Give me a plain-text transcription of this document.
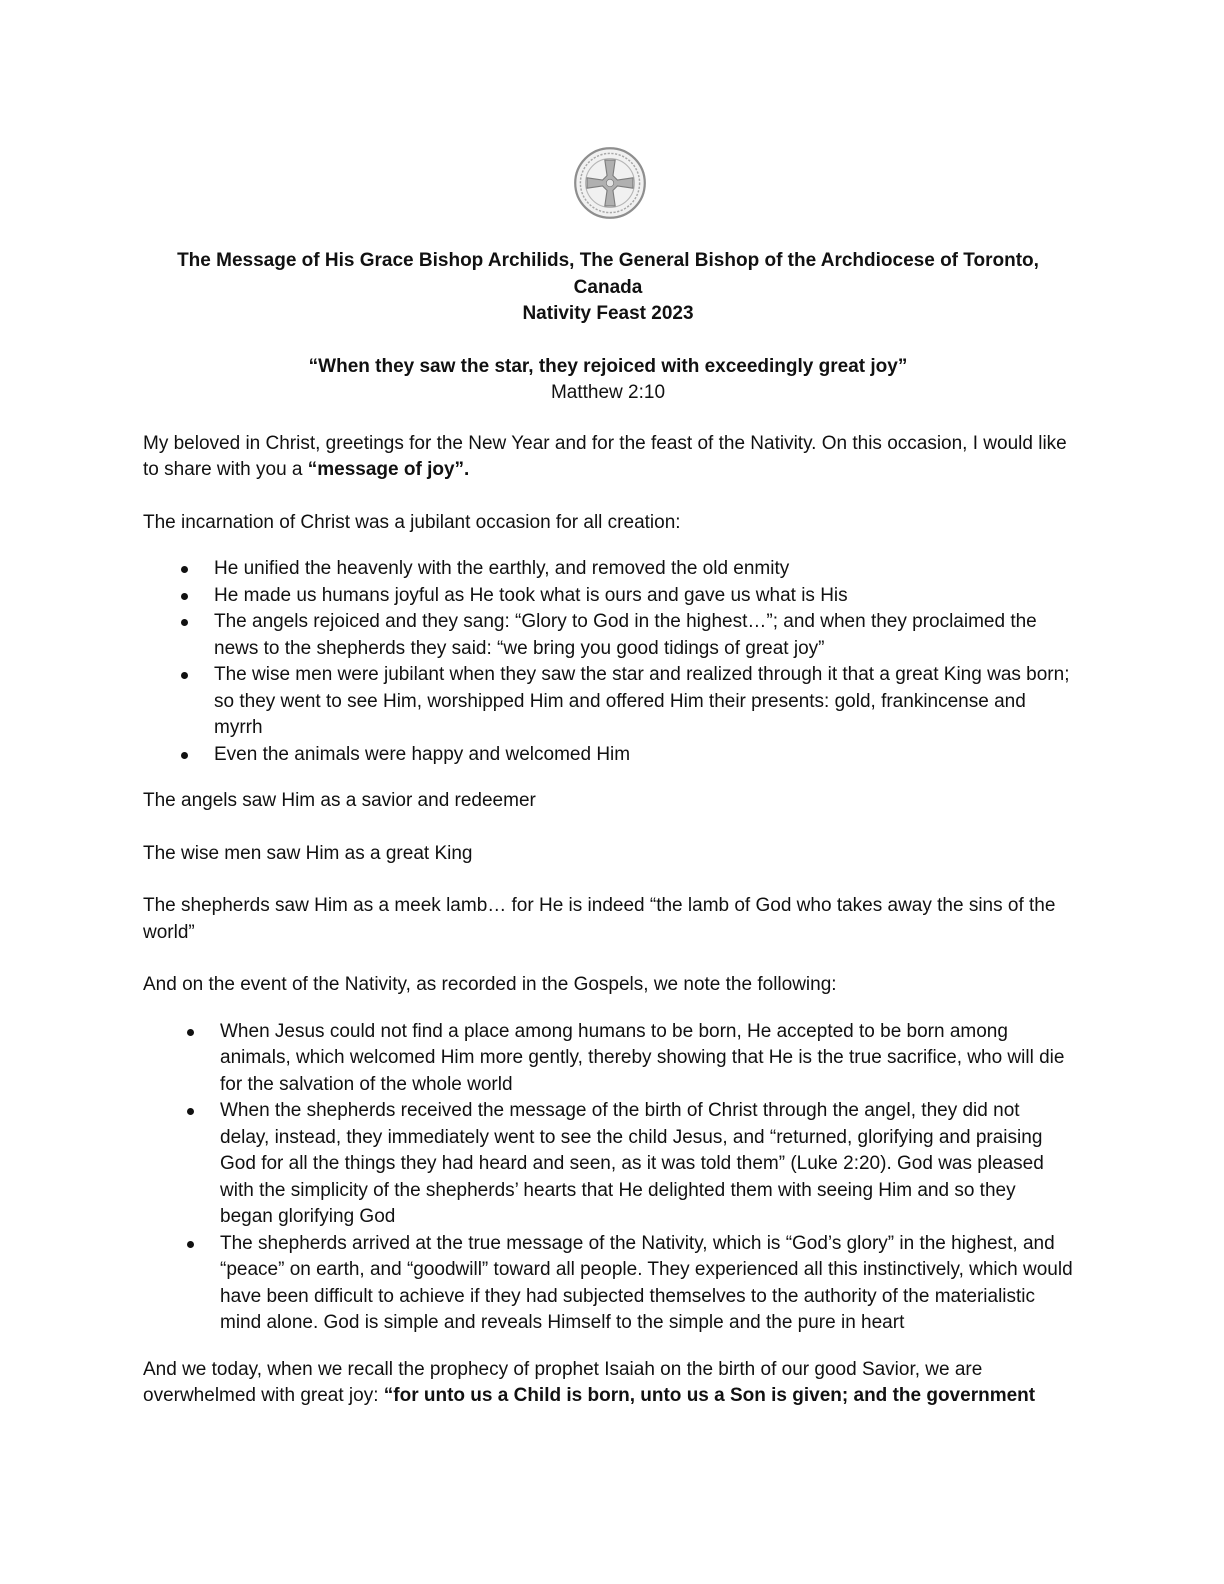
The Message of His Grace Bishop Archilids, The General Bishop of the Archdiocese of Toronto, Canada
Nativity Feast 2023
“When they saw the star, they rejoiced with exceedingly great joy”
Matthew 2:10

My beloved in Christ, greetings for the New Year and for the feast of the Nativity. On this occasion, I would like to share with you a “message of joy”.

The incarnation of Christ was a jubilant occasion for all creation:

He unified the heavenly with the earthly, and removed the old enmity
He made us humans joyful as He took what is ours and gave us what is His
The angels rejoiced and they sang: “Glory to God in the highest…”; and when they proclaimed the news to the shepherds they said: “we bring you good tidings of great joy”
The wise men were jubilant when they saw the star and realized through it that a great King was born; so they went to see Him, worshipped Him and offered Him their presents: gold, frankincense and myrrh
Even the animals were happy and welcomed Him

The angels saw Him as a savior and redeemer

The wise men saw Him as a great King

The shepherds saw Him as a meek lamb… for He is indeed “the lamb of God who takes away the sins of the world”

And on the event of the Nativity, as recorded in the Gospels, we note the following:

When Jesus could not find a place among humans to be born, He accepted to be born among animals, which welcomed Him more gently, thereby showing that He is the true sacrifice, who will die for the salvation of the whole world
When the shepherds received the message of the birth of Christ through the angel, they did not delay, instead, they immediately went to see the child Jesus, and “returned, glorifying and praising God for all the things they had heard and seen, as it was told them” (Luke 2:20). God was pleased with the simplicity of the shepherds’ hearts that He delighted them with seeing Him and so they began glorifying God
The shepherds arrived at the true message of the Nativity, which is “God’s glory” in the highest, and “peace” on earth, and “goodwill” toward all people. They experienced all this instinctively, which would have been difficult to achieve if they had subjected themselves to the authority of the materialistic mind alone. God is simple and reveals Himself to the simple and the pure in heart

And we today, when we recall the prophecy of prophet Isaiah on the birth of our good Savior, we are overwhelmed with great joy: “for unto us a Child is born, unto us a Son is given; and the government
